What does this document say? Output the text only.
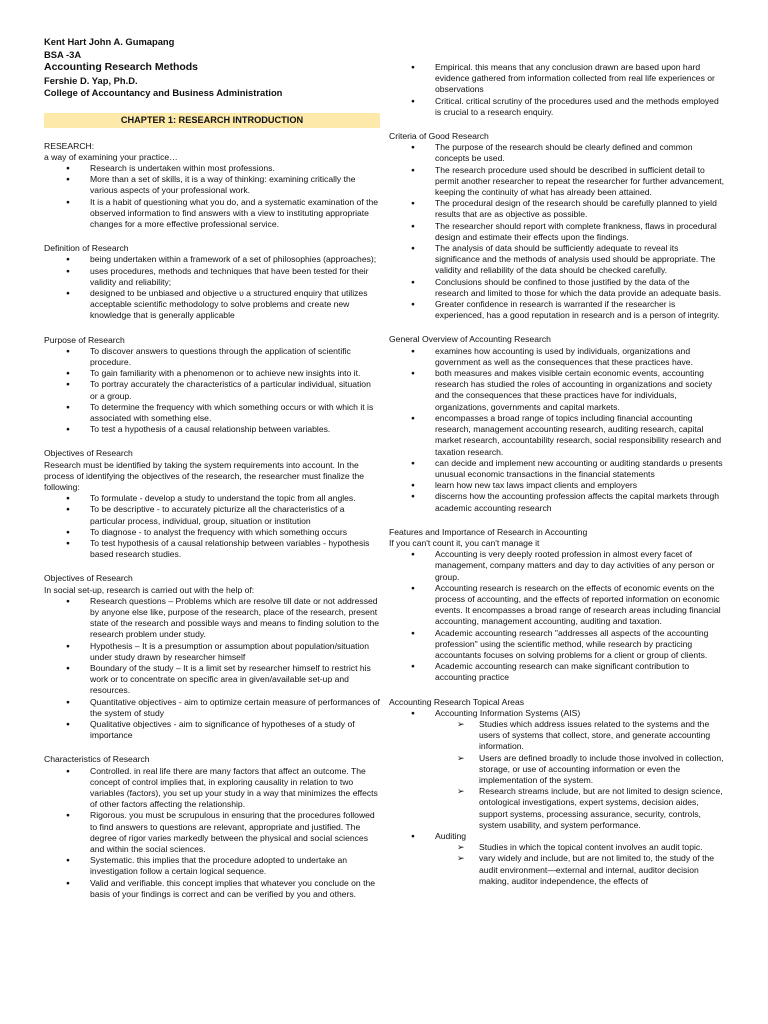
Kent Hart John A. Gumapang

BSA -3A

Accounting Research Methods

Fershie D. Yap, Ph.D.

College of Accountancy and Business Administration

CHAPTER 1: RESEARCH INTRODUCTION

RESEARCH:

a way of examining your practice…

● Research is undertaken within most professions.
● More than a set of skills, it is a way of thinking: examining critically the various aspects of your professional work.
● It is a habit of questioning what you do, and a systematic examination of the observed information to find answers with a view to instituting appropriate changes for a more effective professional service.

Definition of Research

● being undertaken within a framework of a set of philosophies (approaches);
● uses procedures, methods and techniques that have been tested for their validity and reliability;
● designed to be unbiased and objective υ a structured enquiry that utilizes acceptable scientific methodology to solve problems and create new knowledge that is generally applicable

Purpose of Research

● To discover answers to questions through the application of scientific procedure.
● To gain familiarity with a phenomenon or to achieve new insights into it.
● To portray accurately the characteristics of a particular individual, situation or a group.
● To determine the frequency with which something occurs or with which it is associated with something else.
● To test a hypothesis of a causal relationship between variables.

Objectives of Research

Research must be identified by taking the system requirements into account. In the process of identifying the objectives of the research, the researcher must finalize the following:

● To formulate - develop a study to understand the topic from all angles.
● To be descriptive - to accurately picturize all the characteristics of a particular process, individual, group, situation or institution
● To diagnose - to analyst the frequency with which something occurs
● To test hypothesis of a causal relationship between variables - hypothesis based research studies.

Objectives of Research

In social set-up, research is carried out with the help of:

● Research questions – Problems which are resolve till date or not addressed by anyone else like, purpose of the research, place of the research, present state of the research and possible ways and means to finding solution to the research problem under study.
● Hypothesis – It is a presumption or assumption about population/situation under study drawn by researcher himself
● Boundary of the study – It is a limit set by researcher himself to restrict his work or to concentrate on specific area in given/available set-up and resources.
● Quantitative objectives - aim to optimize certain measure of performances of the system of study
● Qualitative objectives - aim to significance of hypotheses of a study of importance

Characteristics of Research

● Controlled. in real life there are many factors that affect an outcome. The concept of control implies that, in exploring causality in relation to two variables (factors), you set up your study in a way that minimizes the effects of other factors affecting the relationship.
● Rigorous. you must be scrupulous in ensuring that the procedures followed to find answers to questions are relevant, appropriate and justified. The degree of rigor varies markedly between the physical and social sciences and within the social sciences.
● Systematic. this implies that the procedure adopted to undertake an investigation follow a certain logical sequence.
● Valid and verifiable. this concept implies that whatever you conclude on the basis of your findings is correct and can be verified by you and others.
● Empirical. this means that any conclusion drawn are based upon hard evidence gathered from information collected from real life experiences or observations
● Critical. critical scrutiny of the procedures used and the methods employed is crucial to a research enquiry.

Criteria of Good Research

● The purpose of the research should be clearly defined and common concepts be used.
● The research procedure used should be described in sufficient detail to permit another researcher to repeat the researcher for further advancement, keeping the continuity of what has already been attained.
● The procedural design of the research should be carefully planned to yield results that are as objective as possible.
● The researcher should report with complete frankness, flaws in procedural design and estimate their effects upon the findings.
● The analysis of data should be sufficiently adequate to reveal its significance and the methods of analysis used should be appropriate. The validity and reliability of the data should be checked carefully.
● Conclusions should be confined to those justified by the data of the research and limited to those for which the data provide an adequate basis.
● Greater confidence in research is warranted if the researcher is experienced, has a good reputation in research and is a person of integrity.

General Overview of Accounting Research

● examines how accounting is used by individuals, organizations and government as well as the consequences that these practices have.
● both measures and makes visible certain economic events, accounting research has studied the roles of accounting in organizations and society and the consequences that these practices have for individuals, organizations, governments and capital markets.
● encompasses a broad range of topics including financial accounting research, management accounting research, auditing research, capital market research, accountability research, social responsibility research and taxation research.
● can decide and implement new accounting or auditing standards υ presents unusual economic transactions in the financial statements
● learn how new tax laws impact clients and employers
● discerns how the accounting profession affects the capital markets through academic accounting research

Features and Importance of Research in Accounting

If you can't count it, you can't manage it

● Accounting is very deeply rooted profession in almost every facet of management, company matters and day to day activities of any person or group.
● Accounting research is research on the effects of economic events on the process of accounting, and the effects of reported information on economic events. It encompasses a broad range of research areas including financial accounting, management accounting, auditing and taxation.
● Academic accounting research "addresses all aspects of the accounting profession" using the scientific method, while research by practicing accountants focuses on solving problems for a client or group of clients.
● Academic accounting research can make significant contribution to accounting practice

Accounting Research Topical Areas

● Accounting Information Systems (AIS)
➢ Studies which address issues related to the systems and the users of systems that collect, store, and generate accounting information.
➢ Users are defined broadly to include those involved in collection, storage, or use of accounting information or even the implementation of the system.
➢ Research streams include, but are not limited to design science, ontological investigations, expert systems, decision aides, support systems, processing assurance, security, controls, system usability, and system performance.
● Auditing
➢ Studies in which the topical content involves an audit topic.
➢ vary widely and include, but are not limited to, the study of the audit environment—external and internal, auditor decision making, auditor independence, the effects of
